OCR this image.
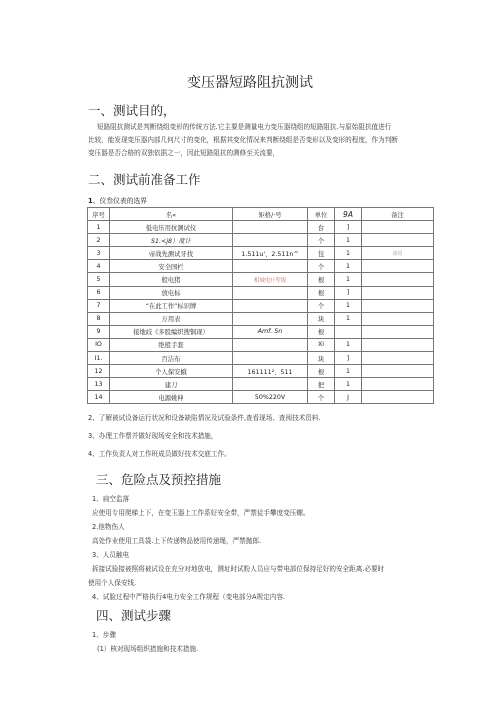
变压器短路阻抗测试
一、测试目的，
短路阻抗测试是判断绕组变形的传统方法.它主要是测量电力变压器绕组的短路阻抗.与原始阻抗值进行
比较，能发现变压器内部几何尺寸的变化，根据其变化情况来判断绕组是否变形以及变形的程度，作为判断
变压器是否合格的双独依据之一，因此短路阻抗的测修至关流要，
二、测试前准备工作
1、仪叁仪表的选界
序号	名«	矩格/·号	单位	9A	备注
1	低电压用抗测试仪		台	]	
2	S1.<j8）度计		个	1	
3	帝战先测试牙找	1.511u'、2.511n^	包	1	备用
4	安全国栏		个	1	
5	般电猪	相城电!!等级	根	1	
6	放电标		根	]	
7	“在此工作”标识牌		个	1	
8	万用表		块	1	
9	接地歧《多股编织搜铜现）	Amf. 5n	根		
IO	绝般手套		Xi	1	
I1.	百洁布		块	]	
12	个人保安蛾	161111²、511	根	1	
13	建刀		把	1	
14	电源姚伸	50%220V	个	J	
2、了解被试设备运行状况和设备缺陷情况及试验条件,查看现场、查阅技术资料.
3、办理工作票并做好现场安全和技术措施，
4、工作负责人对工作班成员做好技术交底工作。
三、危险点及预控措施
1、扁空监落
应使用专用爬梯上下，在变玉器上工作系好安全带，严禁徒手攀度变压螺。
2.他物伤人
高处作业使用工具袋.上下传递物品使用传递绳，严禁抛郎.
3、人员触电
拆接试验接被照将被试设在充分对地放电，测址时试粉人员应与带电部位保持足好的安全距离.必要时
使用个人保安线.
4、试脸过程中严格执行4电力安全工作规程（变电部分A规定内容.
四、测试步骤
1、步骤
(1）核对现场组织措施和技术措施.
